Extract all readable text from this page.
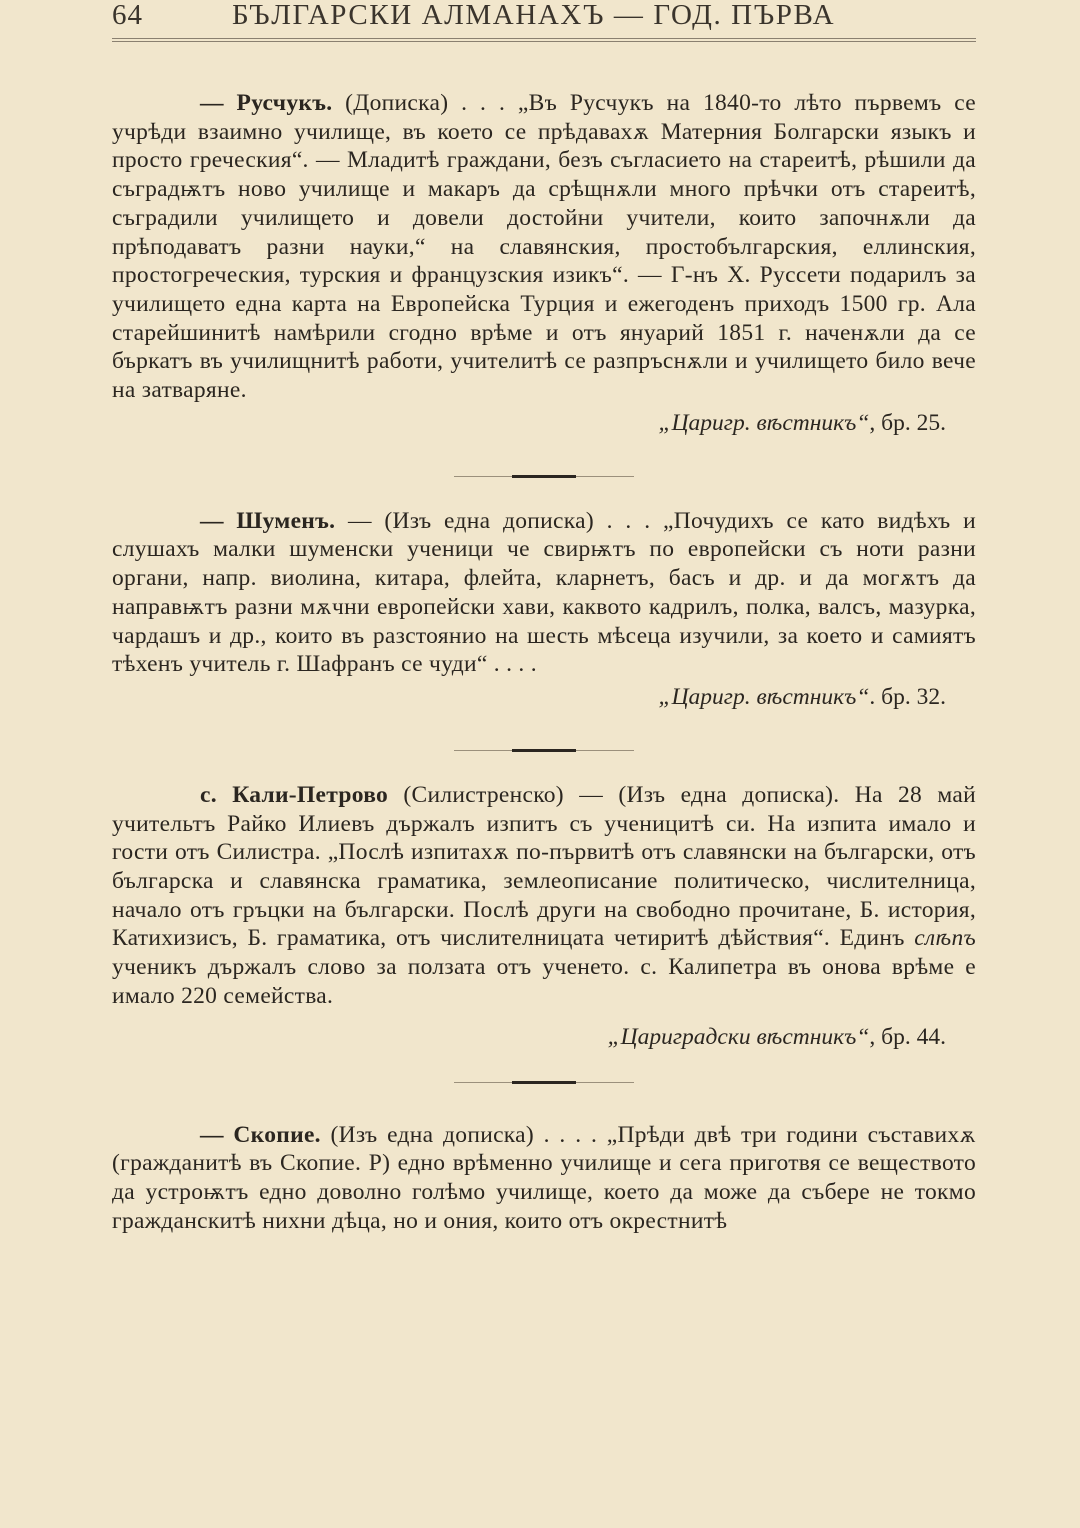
64	БЪЛГАРСКИ АЛМАНАХЪ — ГОД. ПЪРВА

— Русчукъ. (Дописка) . . . „Въ Русчукъ на 1840-то лѣто първемъ се учрѣди взаимно училище, въ което се прѣдавахѫ Матерния Болгарски языкъ и просто греческия“. — Младитѣ граждани, безъ съгласието на стареитѣ, рѣшили да съградѭтъ ново училище и макаръ да срѣщнѫли много прѣчки отъ стареитѣ, съградили училището и довели достойни учители, които започнѫли да прѣподаватъ разни науки,“ на славянския, простобългарския, еллинския, простогреческия, турския и французския изикъ“. — Г-нъ Х. Руссети подарилъ за училището една карта на Европейска Турция и ежегоденъ приходъ 1500 гр. Ала старейшинитѣ намѣрили сгодно врѣме и отъ януарий 1851 г. наченѫли да се бъркатъ въ училищнитѣ работи, учителитѣ се разпръснѫли и училището било вече на затваряне.

„Царигр. вѣстникъ“, бр. 25.

— Шуменъ. — (Изъ една дописка) . . . „Почудихъ се като видѣхъ и слушахъ малки шуменски ученици че свирѭтъ по европейски съ ноти разни органи, напр. виолина, китара, флейта, кларнетъ, басъ и др. и да могѫтъ да направѭтъ разни мѫчни европейски хави, каквото кадрилъ, полка, валсъ, мазурка, чардашъ и др., които въ разстоянио на шесть мѣсеца изучили, за което и самиятъ тѣхенъ учитель г. Шафранъ се чуди“ . . . .

„Царигр. вѣстникъ“. бр. 32.

с. Кали-Петрово (Силистренско) — (Изъ една дописка). На 28 май учительтъ Райко Илиевъ държалъ изпитъ съ ученицитѣ си. На изпита имало и гости отъ Силистра. „Послѣ изпитахѫ по-първитѣ отъ славянски на български, отъ българска и славянска граматика, землеописание политическо, числителница, начало отъ гръцки на български. Послѣ други на свободно прочитане, Б. история, Катихизисъ, Б. граматика, отъ числителницата четиритѣ дѣйствия“. Единъ слѣпъ ученикъ държалъ слово за ползата отъ ученето. с. Калипетра въ онова врѣме е имало 220 семейства.

„Цариградски вѣстникъ“, бр. 44.

— Скопие. (Изъ една дописка) . . . . „Прѣди двѣ три години съставихѫ (гражданитѣ въ Скопие. Р) едно врѣменно училище и сега приготвя се веществото да устроѭтъ едно доволно голѣмо училище, което да може да събере не токмо гражданскитѣ нихни дѣца, но и ония, които отъ окрестнитѣ
